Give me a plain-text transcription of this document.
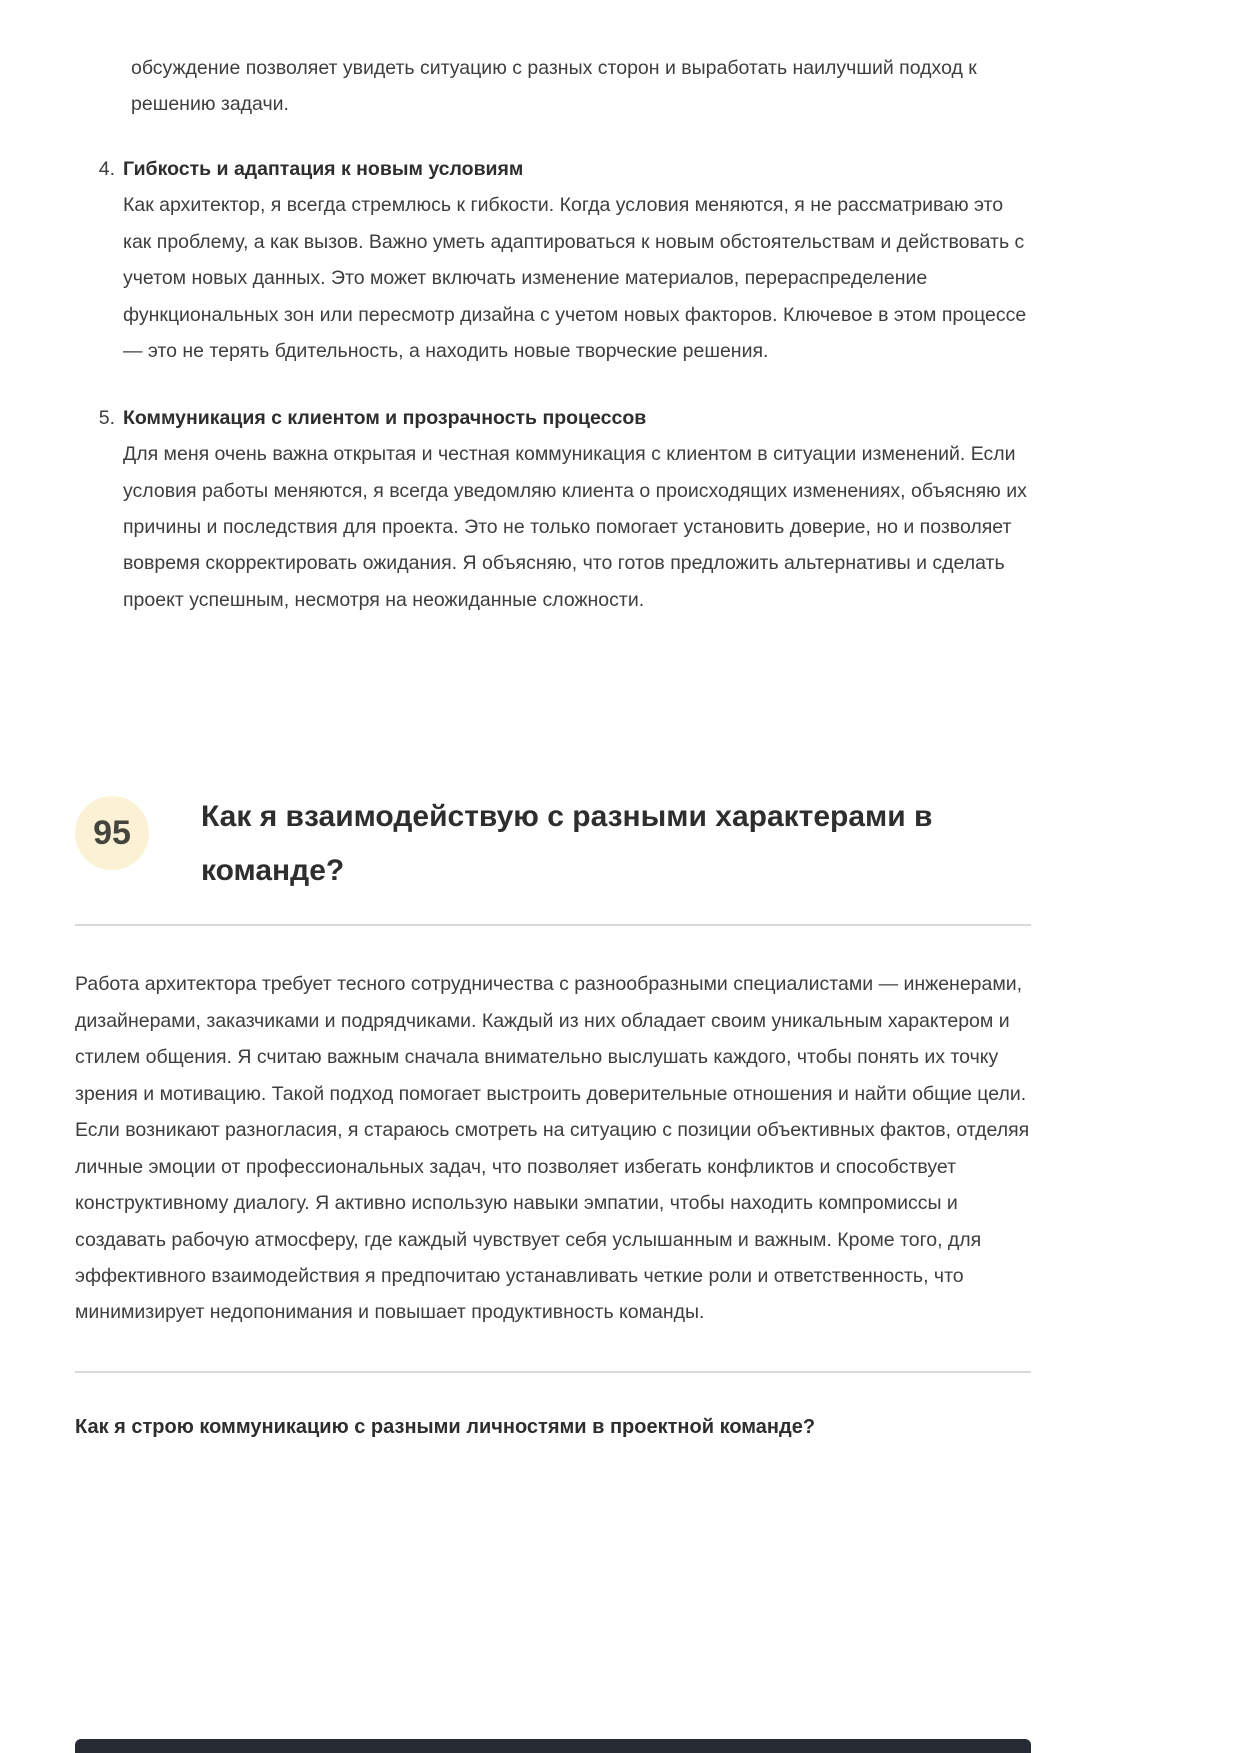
обсуждение позволяет увидеть ситуацию с разных сторон и выработать наилучший подход к решению задачи.

4. Гибкость и адаптация к новым условиям
Как архитектор, я всегда стремлюсь к гибкости. Когда условия меняются, я не рассматриваю это как проблему, а как вызов. Важно уметь адаптироваться к новым обстоятельствам и действовать с учетом новых данных. Это может включать изменение материалов, перераспределение функциональных зон или пересмотр дизайна с учетом новых факторов. Ключевое в этом процессе — это не терять бдительность, а находить новые творческие решения.
5. Коммуникация с клиентом и прозрачность процессов
Для меня очень важна открытая и честная коммуникация с клиентом в ситуации изменений. Если условия работы меняются, я всегда уведомляю клиента о происходящих изменениях, объясняю их причины и последствия для проекта. Это не только помогает установить доверие, но и позволяет вовремя скорректировать ожидания. Я объясняю, что готов предложить альтернативы и сделать проект успешным, несмотря на неожиданные сложности.
95	Как я взаимодействую с разными характерами в команде?

Работа архитектора требует тесного сотрудничества с разнообразными специалистами — инженерами, дизайнерами, заказчиками и подрядчиками. Каждый из них обладает своим уникальным характером и стилем общения. Я считаю важным сначала внимательно выслушать каждого, чтобы понять их точку зрения и мотивацию. Такой подход помогает выстроить доверительные отношения и найти общие цели. Если возникают разногласия, я стараюсь смотреть на ситуацию с позиции объективных фактов, отделяя личные эмоции от профессиональных задач, что позволяет избегать конфликтов и способствует конструктивному диалогу. Я активно использую навыки эмпатии, чтобы находить компромиссы и создавать рабочую атмосферу, где каждый чувствует себя услышанным и важным. Кроме того, для эффективного взаимодействия я предпочитаю устанавливать четкие роли и ответственность, что минимизирует недопонимания и повышает продуктивность команды.

Как я строю коммуникацию с разными личностями в проектной команде?
